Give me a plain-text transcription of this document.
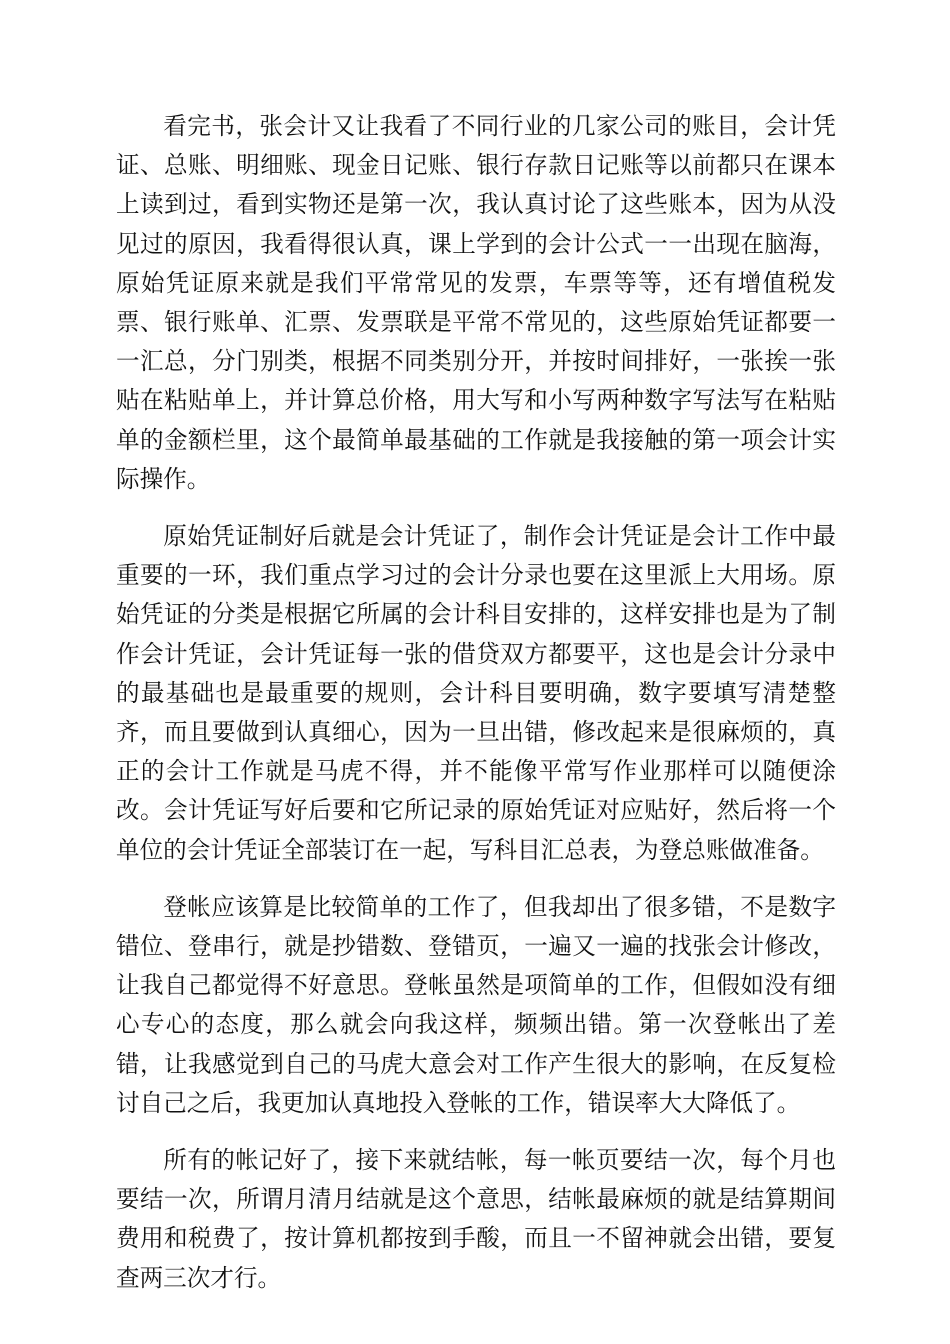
看完书，张会计又让我看了不同行业的几家公司的账目，会计凭证、总账、明细账、现金日记账、银行存款日记账等以前都只在课本上读到过，看到实物还是第一次，我认真讨论了这些账本，因为从没见过的原因，我看得很认真，课上学到的会计公式一一出现在脑海，原始凭证原来就是我们平常常见的发票，车票等等，还有增值税发票、银行账单、汇票、发票联是平常不常见的，这些原始凭证都要一一汇总，分门别类，根据不同类别分开，并按时间排好，一张挨一张贴在粘贴单上，并计算总价格，用大写和小写两种数字写法写在粘贴单的金额栏里，这个最简单最基础的工作就是我接触的第一项会计实际操作。

原始凭证制好后就是会计凭证了，制作会计凭证是会计工作中最重要的一环，我们重点学习过的会计分录也要在这里派上大用场。原始凭证的分类是根据它所属的会计科目安排的，这样安排也是为了制作会计凭证，会计凭证每一张的借贷双方都要平，这也是会计分录中的最基础也是最重要的规则，会计科目要明确，数字要填写清楚整齐，而且要做到认真细心，因为一旦出错，修改起来是很麻烦的，真正的会计工作就是马虎不得，并不能像平常写作业那样可以随便涂改。会计凭证写好后要和它所记录的原始凭证对应贴好，然后将一个单位的会计凭证全部装订在一起，写科目汇总表，为登总账做准备。

登帐应该算是比较简单的工作了，但我却出了很多错，不是数字错位、登串行，就是抄错数、登错页，一遍又一遍的找张会计修改，让我自己都觉得不好意思。登帐虽然是项简单的工作，但假如没有细心专心的态度，那么就会向我这样，频频出错。第一次登帐出了差错，让我感觉到自己的马虎大意会对工作产生很大的影响，在反复检讨自己之后，我更加认真地投入登帐的工作，错误率大大降低了。

所有的帐记好了，接下来就结帐，每一帐页要结一次，每个月也要结一次，所谓月清月结就是这个意思，结帐最麻烦的就是结算期间费用和税费了，按计算机都按到手酸，而且一不留神就会出错，要复查两三次才行。
